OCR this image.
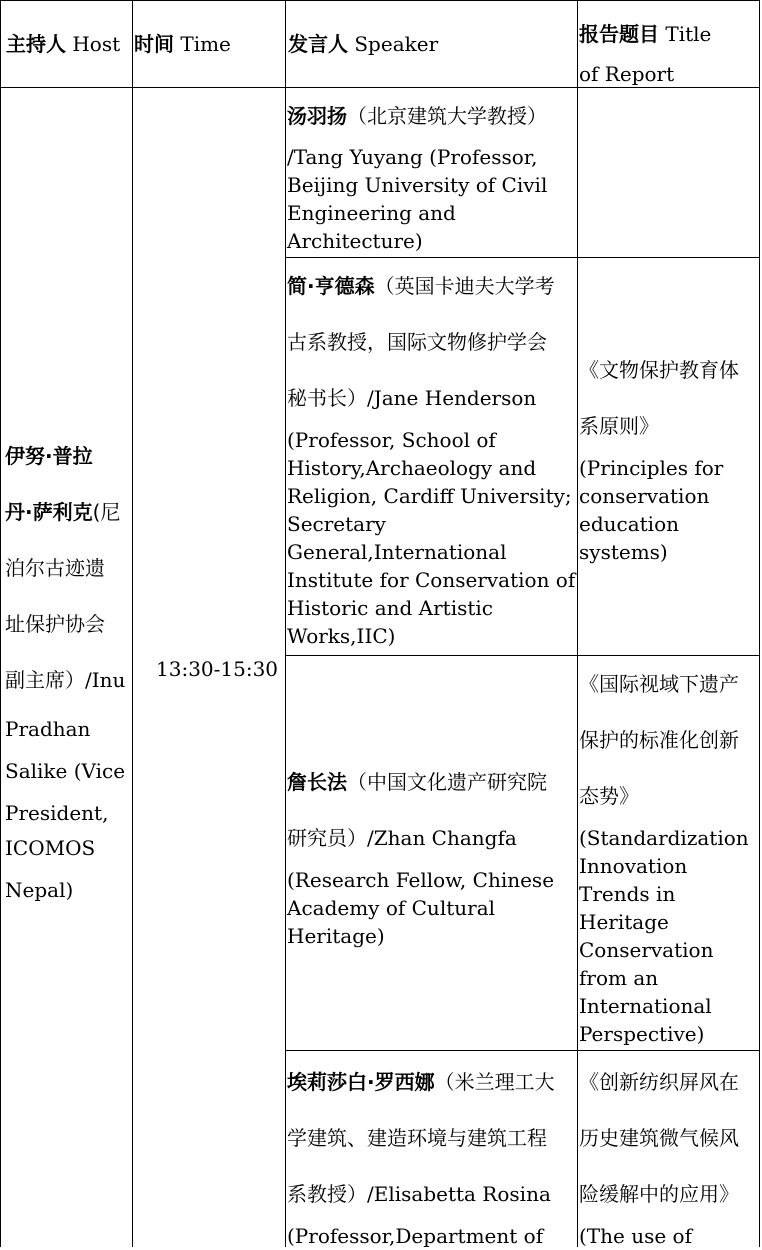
主持人 Host 时间 Time	发言人 Speaker	报告题目 Title
of Report
伊努·普拉
丹·萨利克(尼
泊尔古迹遗
址保护协会
副主席）/Inu
Pradhan
Salike (Vice
President,
ICOMOS
Nepal)
13:30-15:30
汤羽扬（北京建筑大学教授）
/Tang Yuyang (Professor, Beijing University of Civil Engineering and Architecture)
简·亨德森（英国卡迪夫大学考
古系教授，国际文物修护学会
秘书长）/Jane Henderson
(Professor, School of History,Archaeology and Religion, Cardiff University; Secretary General,International Institute for Conservation of Historic and Artistic Works,IIC)
《文物保护教育体
系原则》
(Principles for conservation education systems)
詹长法（中国文化遗产研究院
研究员）/Zhan Changfa
(Research Fellow, Chinese Academy of Cultural Heritage)
《国际视域下遗产
保护的标准化创新
态势》
(Standardization Innovation Trends in Heritage Conservation from an International Perspective)
埃莉莎白·罗西娜（米兰理工大
学建筑、建造环境与建筑工程
系教授）/Elisabetta Rosina
(Professor,Department of
《创新纺织屏风在
历史建筑微气候风
险缓解中的应用》
(The use of
